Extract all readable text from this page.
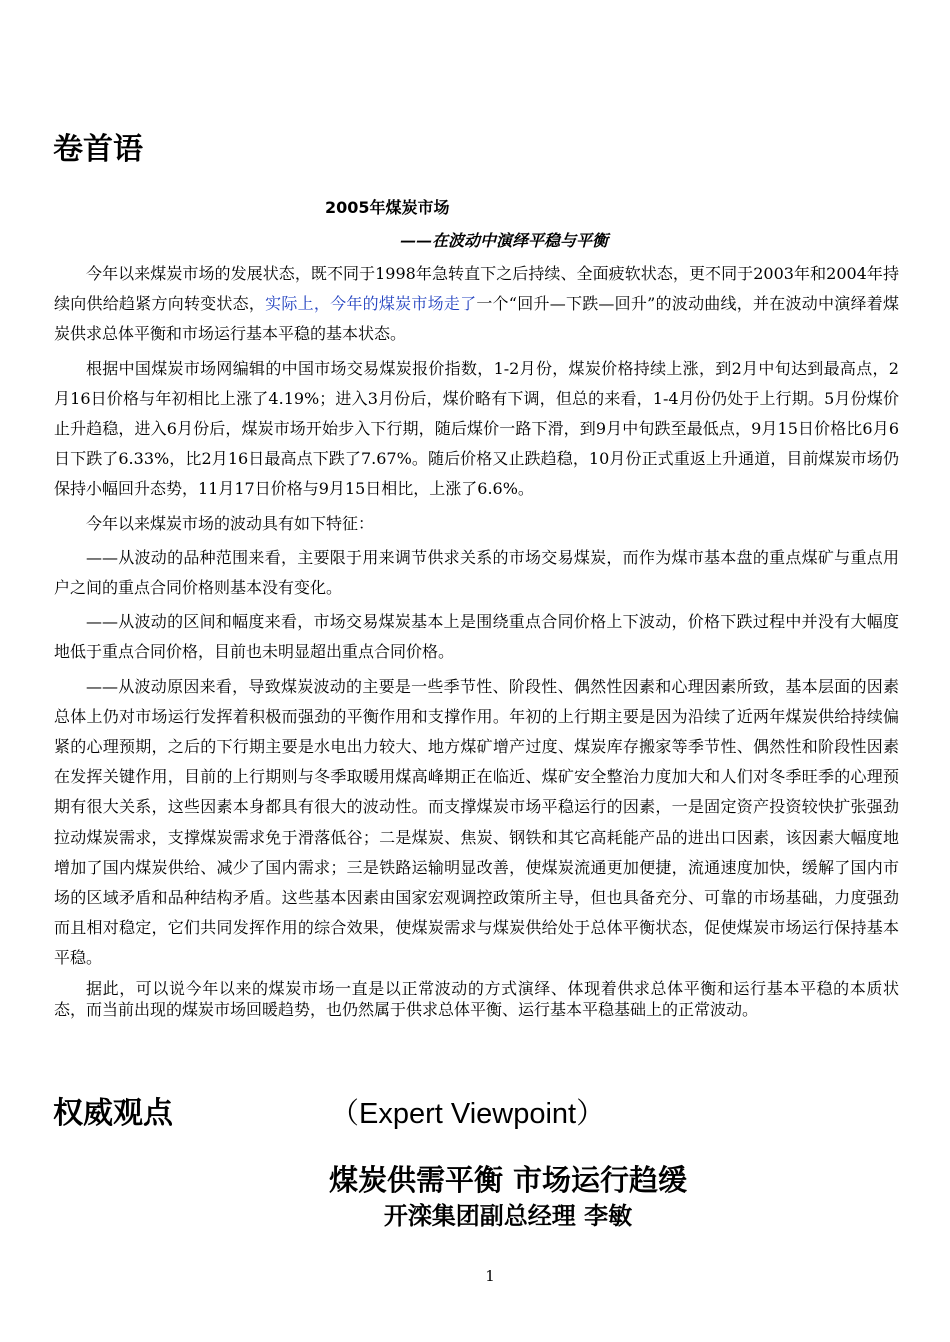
卷首语
2005年煤炭市场
——在波动中演绎平稳与平衡

今年以来煤炭市场的发展状态，既不同于1998年急转直下之后持续、全面疲软状态，更不同于2003年和2004年持续向供给趋紧方向转变状态，实际上，今年的煤炭市场走了一个“回升—下跌—回升”的波动曲线，并在波动中演绎着煤炭供求总体平衡和市场运行基本平稳的基本状态。

根据中国煤炭市场网编辑的中国市场交易煤炭报价指数，1-2月份，煤炭价格持续上涨，到2月中旬达到最高点，2月16日价格与年初相比上涨了4.19%；进入3月份后，煤价略有下调，但总的来看，1-4月份仍处于上行期。5月份煤价止升趋稳，进入6月份后，煤炭市场开始步入下行期，随后煤价一路下滑，到9月中旬跌至最低点，9月15日价格比6月6日下跌了6.33%，比2月16日最高点下跌了7.67%。随后价格又止跌趋稳，10月份正式重返上升通道，目前煤炭市场仍保持小幅回升态势，11月17日价格与9月15日相比，上涨了6.6%。

今年以来煤炭市场的波动具有如下特征：

——从波动的品种范围来看，主要限于用来调节供求关系的市场交易煤炭，而作为煤市基本盘的重点煤矿与重点用户之间的重点合同价格则基本没有变化。

——从波动的区间和幅度来看，市场交易煤炭基本上是围绕重点合同价格上下波动，价格下跌过程中并没有大幅度地低于重点合同价格，目前也未明显超出重点合同价格。

——从波动原因来看，导致煤炭波动的主要是一些季节性、阶段性、偶然性因素和心理因素所致，基本层面的因素总体上仍对市场运行发挥着积极而强劲的平衡作用和支撑作用。年初的上行期主要是因为沿续了近两年煤炭供给持续偏紧的心理预期，之后的下行期主要是水电出力较大、地方煤矿增产过度、煤炭库存搬家等季节性、偶然性和阶段性因素在发挥关键作用，目前的上行期则与冬季取暖用煤高峰期正在临近、煤矿安全整治力度加大和人们对冬季旺季的心理预期有很大关系，这些因素本身都具有很大的波动性。而支撑煤炭市场平稳运行的因素，一是固定资产投资较快扩张强劲拉动煤炭需求，支撑煤炭需求免于滑落低谷；二是煤炭、焦炭、钢铁和其它高耗能产品的进出口因素，该因素大幅度地增加了国内煤炭供给、减少了国内需求；三是铁路运输明显改善，使煤炭流通更加便捷，流通速度加快，缓解了国内市场的区域矛盾和品种结构矛盾。这些基本因素由国家宏观调控政策所主导，但也具备充分、可靠的市场基础，力度强劲而且相对稳定，它们共同发挥作用的综合效果，使煤炭需求与煤炭供给处于总体平衡状态，促使煤炭市场运行保持基本平稳。

据此，可以说今年以来的煤炭市场一直是以正常波动的方式演绎、体现着供求总体平衡和运行基本平稳的本质状态，而当前出现的煤炭市场回暖趋势，也仍然属于供求总体平衡、运行基本平稳基础上的正常波动。

权威观点	（Expert Viewpoint）
煤炭供需平衡 市场运行趋缓
开滦集团副总经理 李敏
1
